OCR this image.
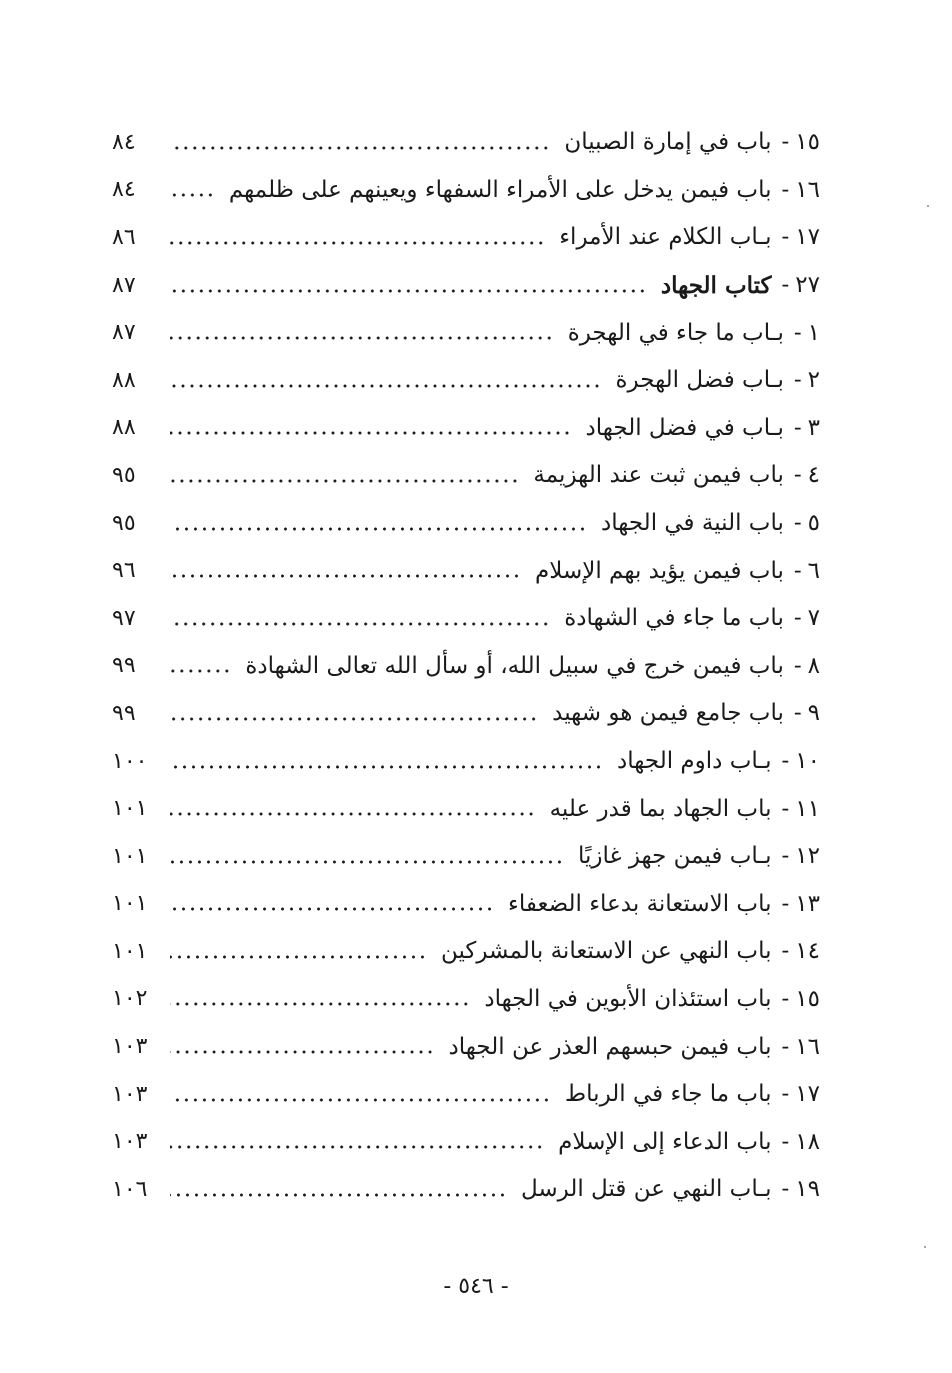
١٥
-
باب في إمارة الصبيان
٨٤
١٦
-
باب فيمن يدخل على الأمراء السفهاء ويعينهم على ظلمهم
٨٤
١٧
-
بـاب الكلام عند الأمراء
٨٦
٢٧
-
كتاب الجهاد
٨٧
١
-
بـاب ما جاء في الهجرة
٨٧
٢
-
بـاب فضل الهجرة
٨٨
٣
-
بـاب في فضل الجهاد
٨٨
٤
-
باب فيمن ثبت عند الهزيمة
٩٥
٥
-
باب النية في الجهاد
٩٥
٦
-
باب فيمن يؤيد بهم الإسلام
٩٦
٧
-
باب ما جاء في الشهادة
٩٧
٨
-
باب فيمن خرج في سبيل الله، أو سأل الله تعالى الشهادة
٩٩
٩
-
باب جامع فيمن هو شهيد
٩٩
١٠
-
بـاب داوم الجهاد
١٠٠
١١
-
باب الجهاد بما قدر عليه
١٠١
١٢
-
بـاب فيمن جهز غازيًا
١٠١
١٣
-
باب الاستعانة بدعاء الضعفاء
١٠١
١٤
-
باب النهي عن الاستعانة بالمشركين
١٠١
١٥
-
باب استئذان الأبوين في الجهاد
١٠٢
١٦
-
باب فيمن حبسهم العذر عن الجهاد
١٠٣
١٧
-
باب ما جاء في الرباط
١٠٣
١٨
-
باب الدعاء إلى الإسلام
١٠٣
١٩
-
بـاب النهي عن قتل الرسل
١٠٦
- ٥٤٦ -
